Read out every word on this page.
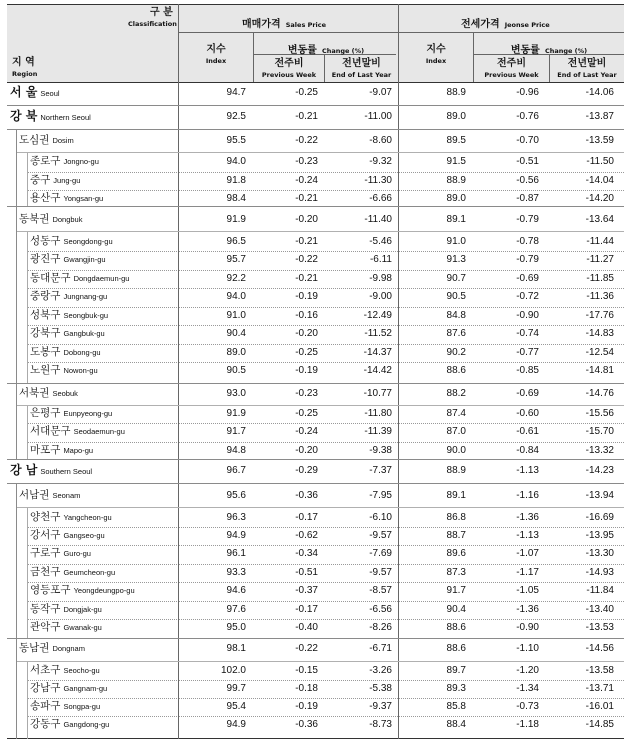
구 분
Classification
지 역
Region
매매가격 Sales Price	전세가격 Jeonse Price
지수
Index
변동률 Change (%)
전주비
Previous Week
전년말비
End of Last Year
지수
Index
변동률 Change (%)
전주비
Previous Week
전년말비
End of Last Year
서 울 Seoul	94.7	-0.25	-9.07	88.9	-0.96	-14.06
강 북 Northern Seoul	92.5	-0.21	-11.00	89.0	-0.76	-13.87
도심권 Dosim	95.5	-0.22	-8.60	89.5	-0.70	-13.59
종로구 Jongno-gu	94.0	-0.23	-9.32	91.5	-0.51	-11.50
중구 Jung-gu	91.8	-0.24	-11.30	88.9	-0.56	-14.04
용산구 Yongsan-gu	98.4	-0.21	-6.66	89.0	-0.87	-14.20
동북권 Dongbuk	91.9	-0.20	-11.40	89.1	-0.79	-13.64
성동구 Seongdong-gu	96.5	-0.21	-5.46	91.0	-0.78	-11.44
광진구 Gwangjin-gu	95.7	-0.22	-6.11	91.3	-0.79	-11.27
동대문구 Dongdaemun-gu	92.2	-0.21	-9.98	90.7	-0.69	-11.85
중랑구 Jungnang-gu	94.0	-0.19	-9.00	90.5	-0.72	-11.36
성북구 Seongbuk-gu	91.0	-0.16	-12.49	84.8	-0.90	-17.76
강북구 Gangbuk-gu	90.4	-0.20	-11.52	87.6	-0.74	-14.83
도봉구 Dobong-gu	89.0	-0.25	-14.37	90.2	-0.77	-12.54
노원구 Nowon-gu	90.5	-0.19	-14.42	88.6	-0.85	-14.81
서북권 Seobuk	93.0	-0.23	-10.77	88.2	-0.69	-14.76
은평구 Eunpyeong-gu	91.9	-0.25	-11.80	87.4	-0.60	-15.56
서대문구 Seodaemun-gu	91.7	-0.24	-11.39	87.0	-0.61	-15.70
마포구 Mapo-gu	94.8	-0.20	-9.38	90.0	-0.84	-13.32
강 남 Southern Seoul	96.7	-0.29	-7.37	88.9	-1.13	-14.23
서남권 Seonam	95.6	-0.36	-7.95	89.1	-1.16	-13.94
양천구 Yangcheon-gu	96.3	-0.17	-6.10	86.8	-1.36	-16.69
강서구 Gangseo-gu	94.9	-0.62	-9.57	88.7	-1.13	-13.95
구로구 Guro-gu	96.1	-0.34	-7.69	89.6	-1.07	-13.30
금천구 Geumcheon-gu	93.3	-0.51	-9.57	87.3	-1.17	-14.93
영등포구 Yeongdeungpo-gu	94.6	-0.37	-8.57	91.7	-1.05	-11.84
동작구 Dongjak-gu	97.6	-0.17	-6.56	90.4	-1.36	-13.40
관악구 Gwanak-gu	95.0	-0.40	-8.26	88.6	-0.90	-13.53
동남권 Dongnam	98.1	-0.22	-6.71	88.6	-1.10	-14.56
서초구 Seocho-gu	102.0	-0.15	-3.26	89.7	-1.20	-13.58
강남구 Gangnam-gu	99.7	-0.18	-5.38	89.3	-1.34	-13.71
송파구 Songpa-gu	95.4	-0.19	-9.37	85.8	-0.73	-16.01
강동구 Gangdong-gu	94.9	-0.36	-8.73	88.4	-1.18	-14.85
